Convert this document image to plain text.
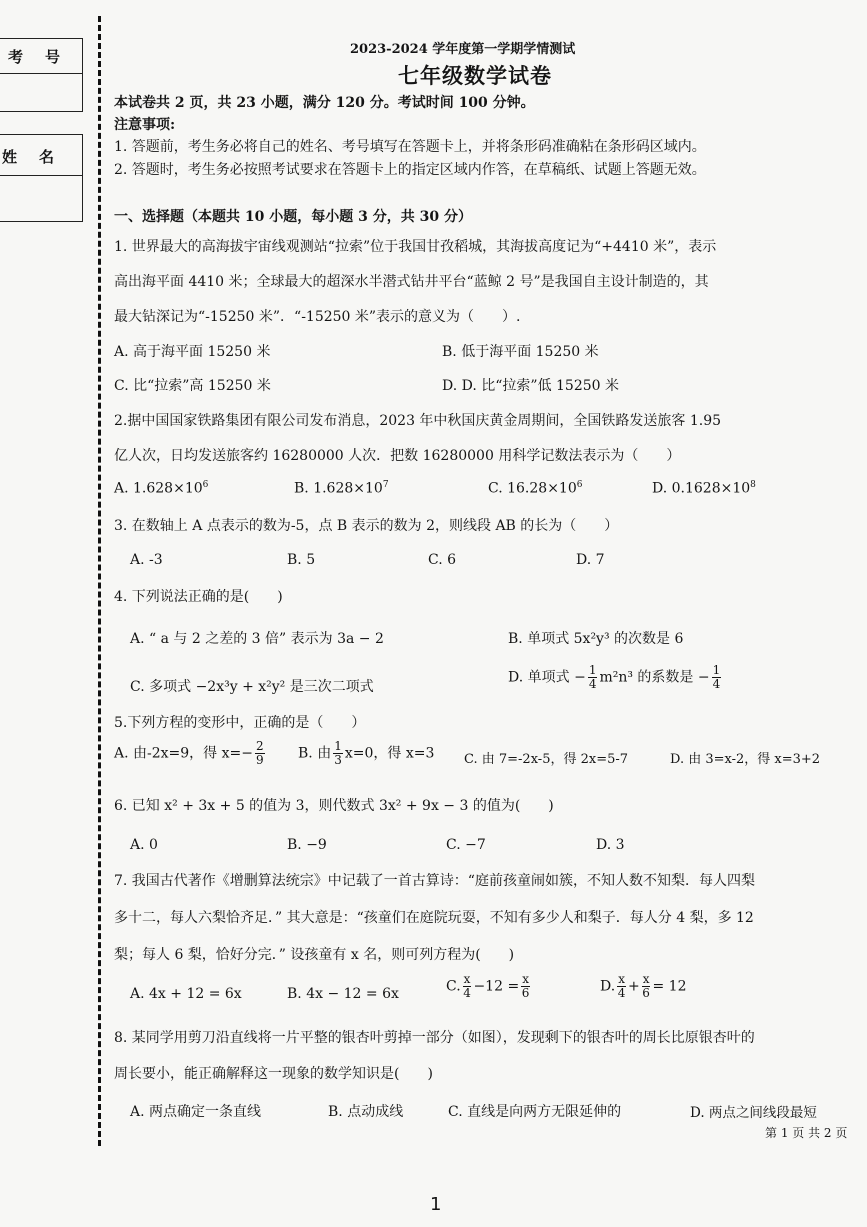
考号
姓名
2023-2024 学年度第一学期学情测试
七年级数学试卷
本试卷共 2 页，共 23 小题，满分 120 分。考试时间 100 分钟。
注意事项:
1. 答题前，考生务必将自己的姓名、考号填写在答题卡上，并将条形码准确粘在条形码区域内。
2. 答题时，考生务必按照考试要求在答题卡上的指定区域内作答，在草稿纸、试题上答题无效。
一、选择题（本题共 10 小题，每小题 3 分，共 30 分）
1. 世界最大的高海拔宇宙线观测站“拉索”位于我国甘孜稻城，其海拔高度记为“+4410 米”，表示
高出海平面 4410 米；全球最大的超深水半潜式钻井平台“蓝鲸 2 号”是我国自主设计制造的，其
最大钻深记为“-15250 米”．“-15250 米”表示的意义为（　　）.
A. 高于海平面 15250 米	B. 低于海平面 15250 米
C. 比“拉索”高 15250 米	D. D. 比“拉索”低 15250 米
2.据中国国家铁路集团有限公司发布消息，2023 年中秋国庆黄金周期间，全国铁路发送旅客 1.95
亿人次，日均发送旅客约 16280000 人次．把数 16280000 用科学记数法表示为（　　）
A. $1.628\times 10^6$	B. $1.628\times 10^7$	C. $16.28\times 10^6$	D. $0.1628\times 10^8$
3. 在数轴上 A 点表示的数为-5，点 B 表示的数为 2，则线段 AB 的长为（　　）
A. -3	B. 5	C. 6	D. 7
4. 下列说法正确的是(　　)
A. “ a 与 2 之差的 3 倍” 表示为 3a − 2	B. 单项式 5x²y³ 的次数是 6
C. 多项式 −2x³y + x²y² 是三次二项式
D. 单项式 − $\frac{1}{4} m^2n^3$ 的系数是 − $\frac{1}{4}$
5.下列方程的变形中，正确的是（　　）
A. 由-2x=9，得 $x=- \frac{2}{9} B$. 由 $\frac{1}{3} x=0$，得 x=3 C. 由 7=-2x-5，得 2x=5-7	D. 由 3=x-2，得 x=3+2
6. 已知 x² + 3x + 5 的值为 3，则代数式 3x² + 9x − 3 的值为(　　)
A. 0	B. −9	C. −7	D. 3
7. 我国古代著作《增删算法统宗》中记载了一首古算诗：“庭前孩童闹如簇，不知人数不知梨．每人四梨
多十二，每人六梨恰齐足．” 其大意是：“孩童们在庭院玩耍，不知有多少人和梨子．每人分 4 梨，多 12
梨；每人 6 梨，恰好分完．” 设孩童有 x 名，则可列方程为(　　)
A. 4x + 12 = 6x	B. 4x − 12 = 6x	C. $\frac{x}{4} -12 = \frac{x}{6}$	D. $\frac{x}{4} + \frac{x}{6} = 12$
8. 某同学用剪刀沿直线将一片平整的银杏叶剪掉一部分（如图），发现剩下的银杏叶的周长比原银杏叶的
周长要小，能正确解释这一现象的数学知识是(　　)
A. 两点确定一条直线	B. 点动成线	C. 直线是向两方无限延伸的	D. 两点之间线段最短
第 1 页 共 2 页
1
